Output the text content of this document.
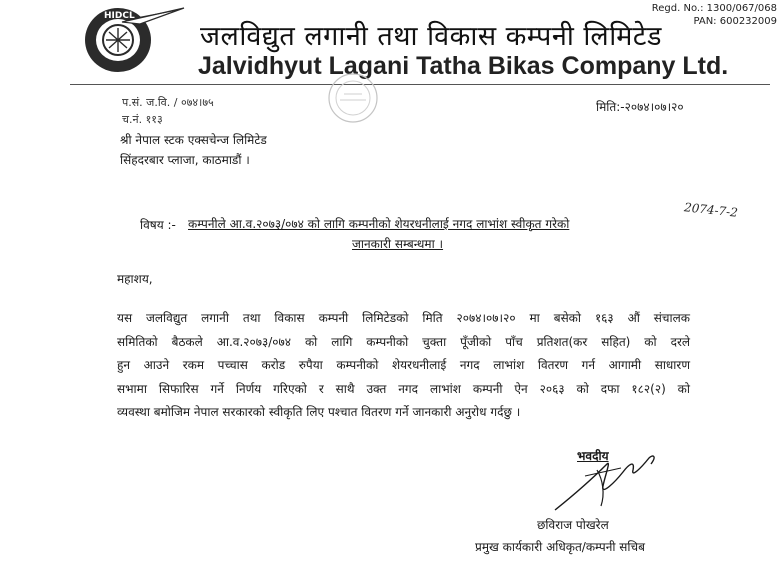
HIDCL
Regd. No.: 1300/067/068
PAN: 600232009
जलविद्युत लगानी तथा विकास कम्पनी लिमिटेड
Jalvidhyut Lagani Tatha Bikas Company Ltd.
प.सं. ज.वि. / ०७४।७५
च.नं. ११३
मिति:-२०७४।०७।२०
श्री नेपाल स्टक एक्सचेन्ज लिमिटेड
सिंहदरबार प्लाजा, काठमाडौं ।
विषय :- कम्पनीले आ.व.२०७३/०७४ को लागि कम्पनीको शेयरधनीलाई नगद लाभांश स्वीकृत गरेको
जानकारी सम्बन्धमा ।
2074-7-2
महाशय,
यस जलविद्युत लगानी तथा विकास कम्पनी लिमिटेडको मिति २०७४।०७।२० मा बसेको १६३ औं संचालक
समितिको बैठकले आ.व.२०७३/०७४ को लागि कम्पनीको चुक्ता पूँजीको पाँच प्रतिशत(कर सहित) को दरले
हुन आउने रकम पच्चास करोड रुपैया कम्पनीको शेयरधनीलाई नगद लाभांश वितरण गर्न आगामी साधारण
सभामा सिफारिस गर्ने निर्णय गरिएको र साथै उक्त नगद लाभांश कम्पनी ऐन २०६३ को दफा १८२(२) को
व्यवस्था बमोजिम नेपाल सरकारको स्वीकृति लिए पश्चात वितरण गर्ने जानकारी अनुरोध गर्दछु ।
भवदीय
छविराज पोखरेल
प्रमुख कार्यकारी अधिकृत/कम्पनी सचिब
